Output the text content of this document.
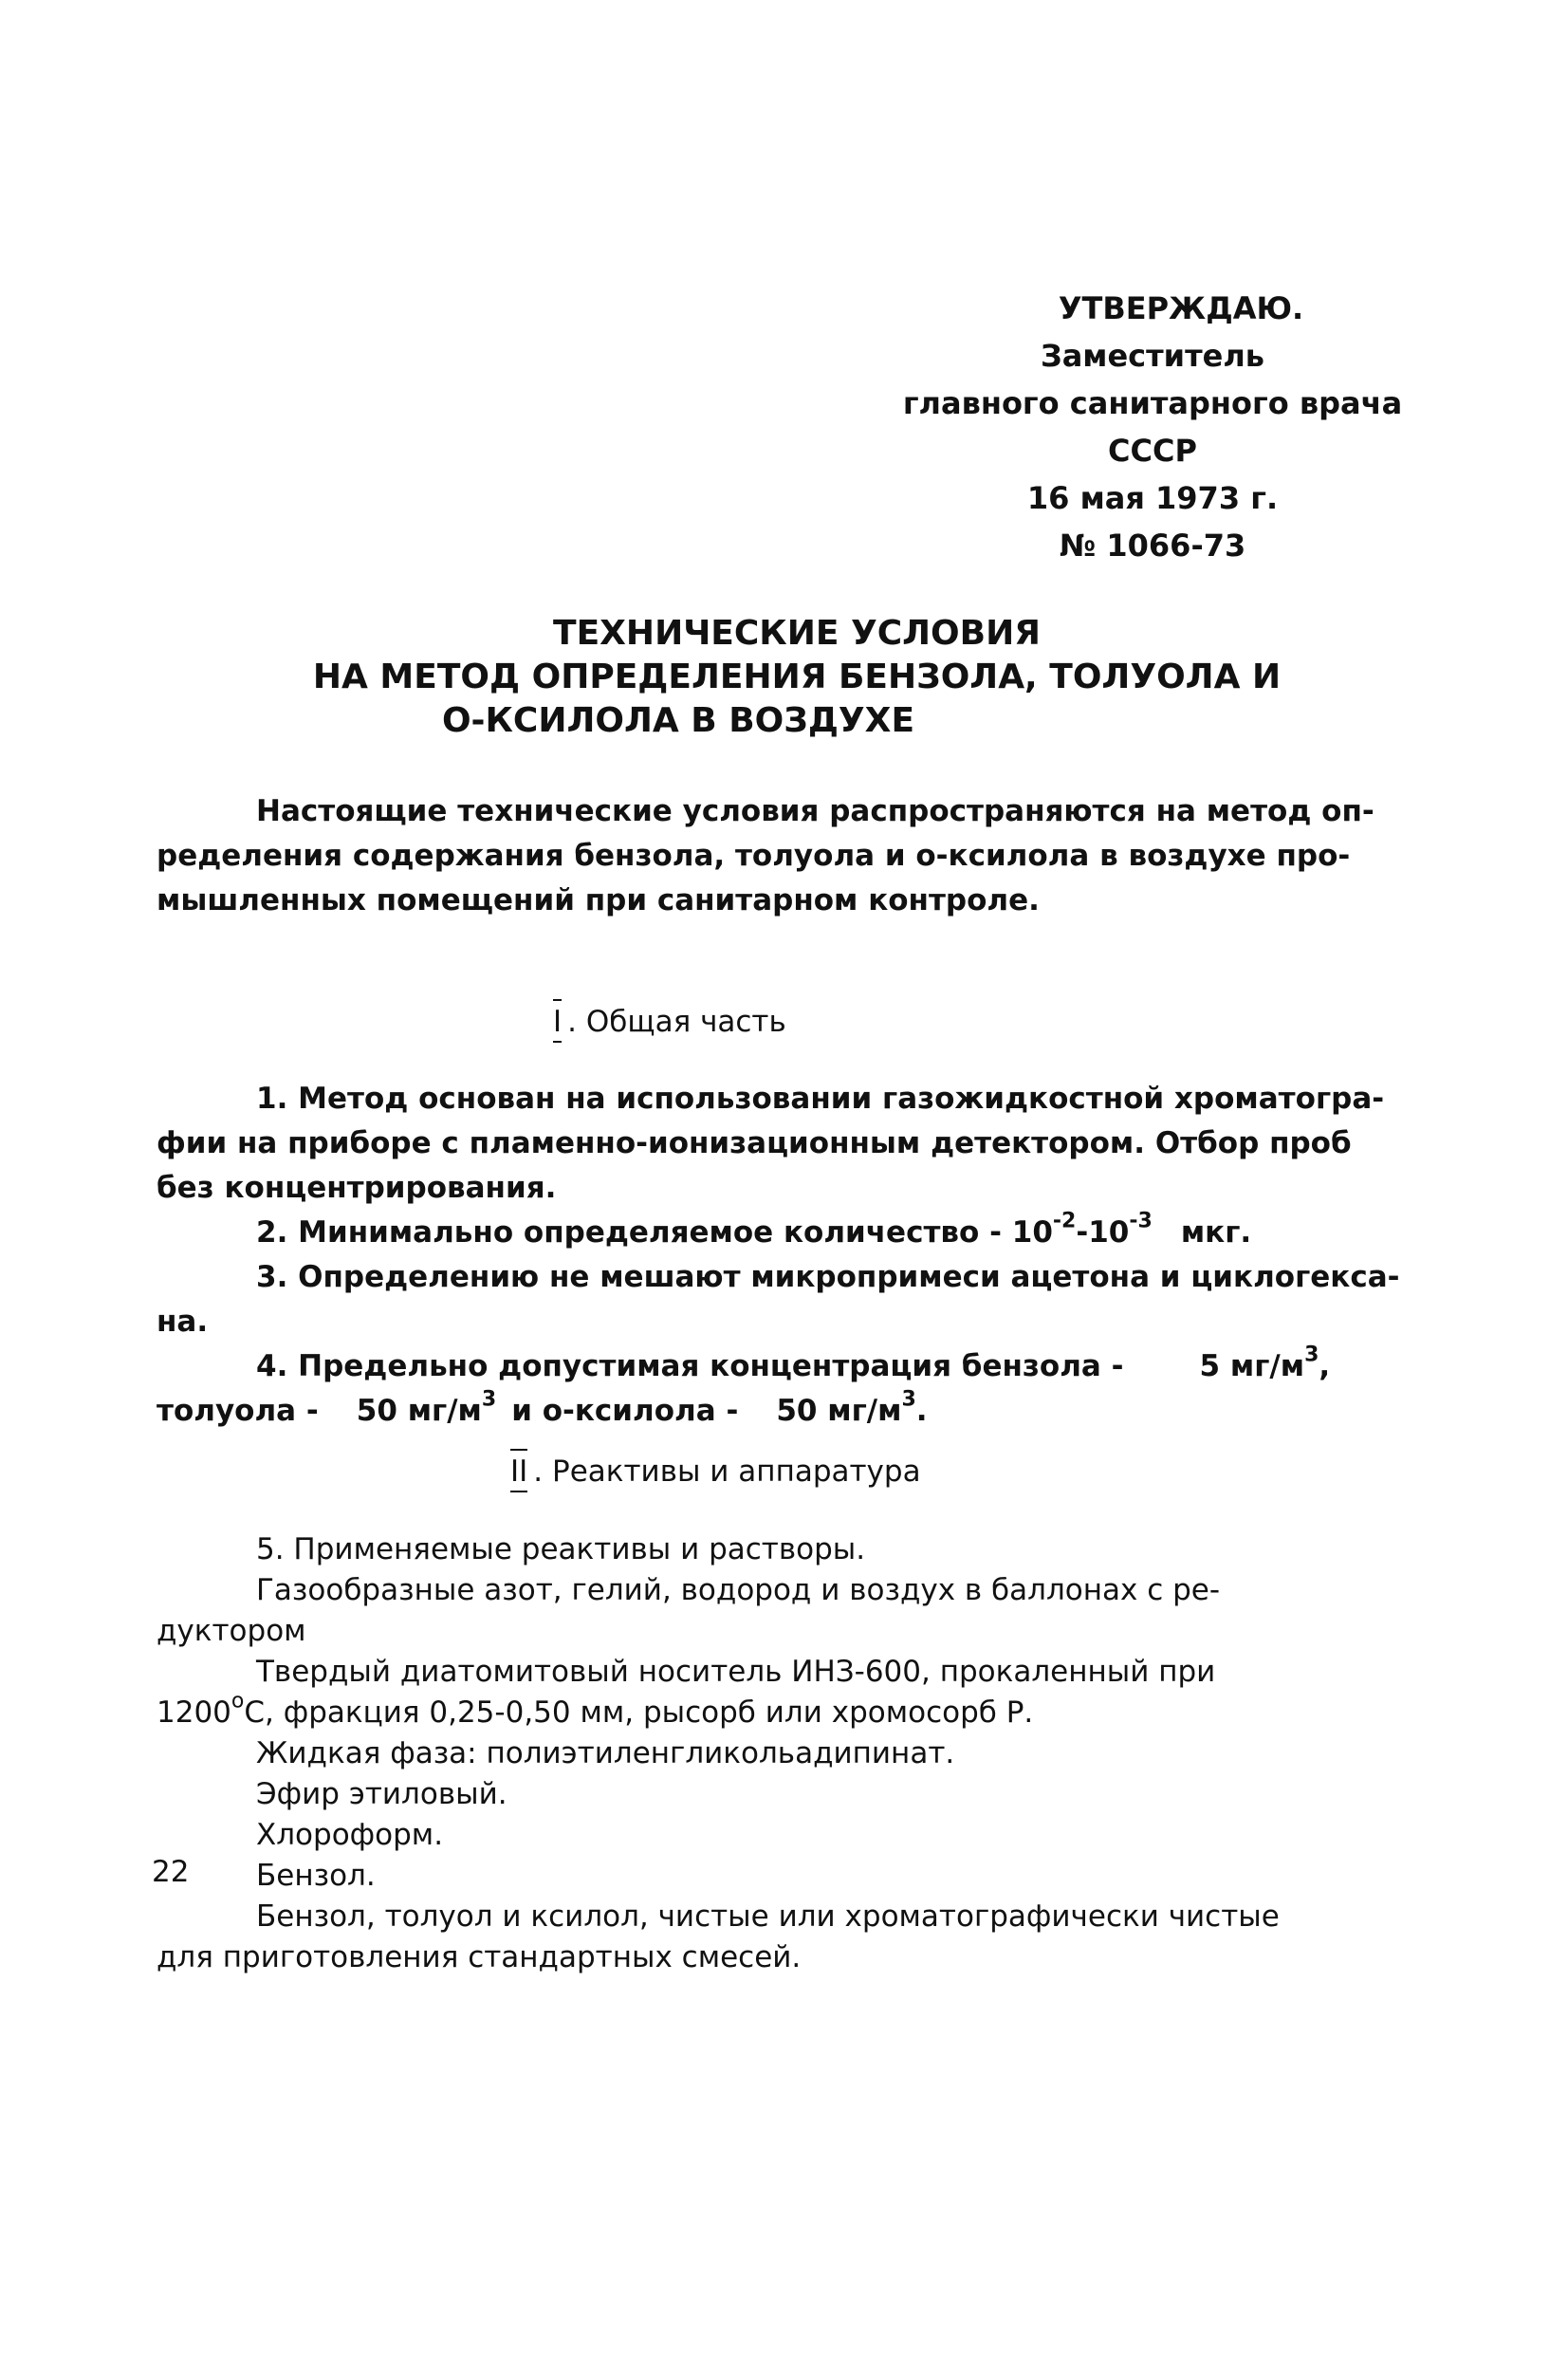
УТВЕРЖДАЮ.
Заместитель
главного санитарного врача
СССР
16 мая 1973 г.
№ 1066-73
ТЕХНИЧЕСКИЕ УСЛОВИЯ
НА МЕТОД ОПРЕДЕЛЕНИЯ БЕНЗОЛА, ТОЛУОЛА И
О-КСИЛОЛА В ВОЗДУХЕ
Настоящие технические условия распространяются на метод оп-
ределения содержания бензола, толуола и о-ксилола в воздухе про-
мышленных помещений при санитарном контроле.
I . Общая часть
1. Метод основан на использовании газожидкостной хроматогра-
фии на приборе с пламенно-ионизационным детектором. Отбор проб
без концентрирования.
2. Минимально определяемое количество - $10^{-2}-10^{-3}$ мкг.
3. Определению не мешают микропримеси ацетона и циклогекса-
на.
4. Предельно допустимая концентрация бензола -	5 $мг/м^3$,
толуола - 50 $мг/м^3$ и о-ксилола - 50 $мг/м^3$.
II . Реактивы и аппаратура
5. Применяемые реактивы и растворы.
Газообразные азот, гелий, водород и воздух в баллонах с ре-
дуктором
Твердый диатомитовый носитель ИНЗ-600, прокаленный при
$1200^оС$, фракция 0,25-0,50 мм, рысорб или хромосорб Р.
Жидкая фаза: полиэтиленгликольадипинат.
Эфир этиловый.
Хлороформ.
Бензол.
Бензол, толуол и ксилол, чистые или хроматографически чистые
для приготовления стандартных смесей.
22
